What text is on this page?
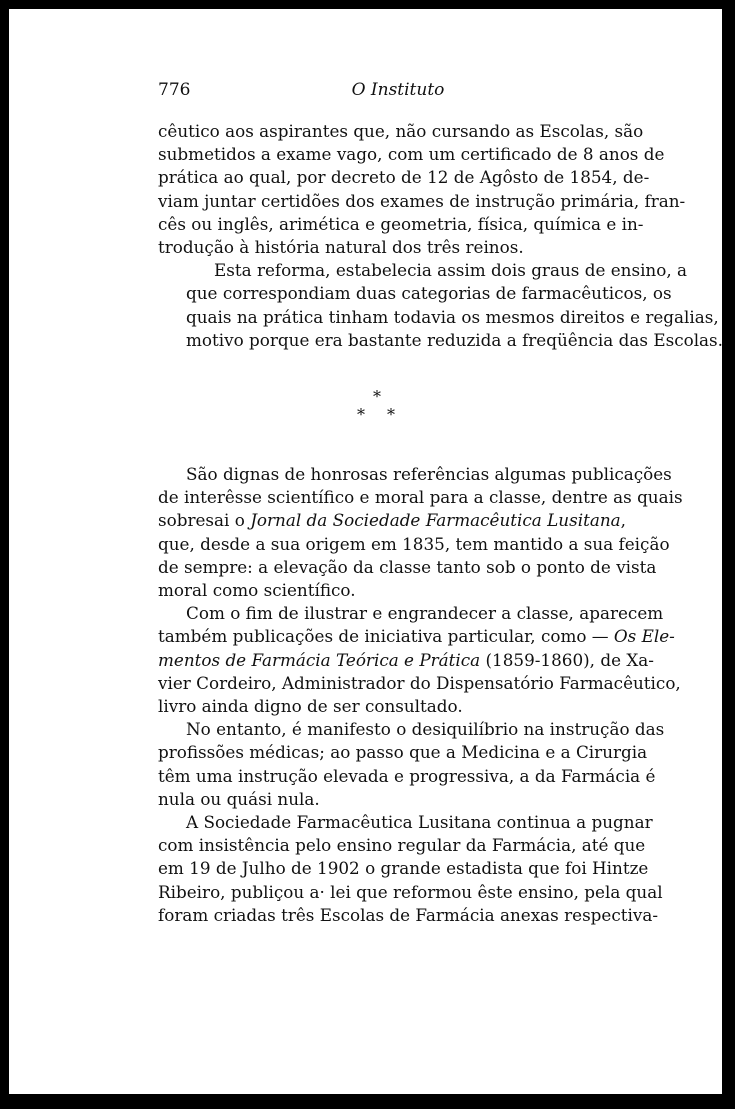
776	O Instituto

cêutico aos aspirantes que, não cursando as Escolas, são
submetidos a exame vago, com um certificado de 8 anos de
prática ao qual, por decreto de 12 de Agôsto de 1854, de-
viam juntar certidões dos exames de instrução primária, fran-
cês ou inglês, arimética e geometria, física, química e in-
trodução à história natural dos três reinos.

Esta reforma, estabelecia assim dois graus de ensino, a
que correspondiam duas categorias de farmacêuticos, os
quais na prática tinham todavia os mesmos direitos e regalias,
motivo porque era bastante reduzida a freqüência das Escolas.

*
* *

São dignas de honrosas referências algumas publicações
de interêsse scientífico e moral para a classe, dentre as quais
sobresai o Jornal da Sociedade Farmacêutica Lusitana,
que, desde a sua origem em 1835, tem mantido a sua feição
de sempre: a elevação da classe tanto sob o ponto de vista
moral como scientífico.

Com o fim de ilustrar e engrandecer a classe, aparecem
também publicações de iniciativa particular, como — Os Ele-
mentos de Farmácia Teórica e Prática (1859-1860), de Xa-
vier Cordeiro, Administrador do Dispensatório Farmacêutico,
livro ainda digno de ser consultado.

No entanto, é manifesto o desiquilíbrio na instrução das
profissões médicas; ao passo que a Medicina e a Cirurgia
têm uma instrução elevada e progressiva, a da Farmácia é
nula ou quási nula.

A Sociedade Farmacêutica Lusitana continua a pugnar
com insistência pelo ensino regular da Farmácia, até que
em 19 de Julho de 1902 o grande estadista que foi Hintze
Ribeiro, publiçou a· lei que reformou êste ensino, pela qual
foram criadas três Escolas de Farmácia anexas respectiva-
